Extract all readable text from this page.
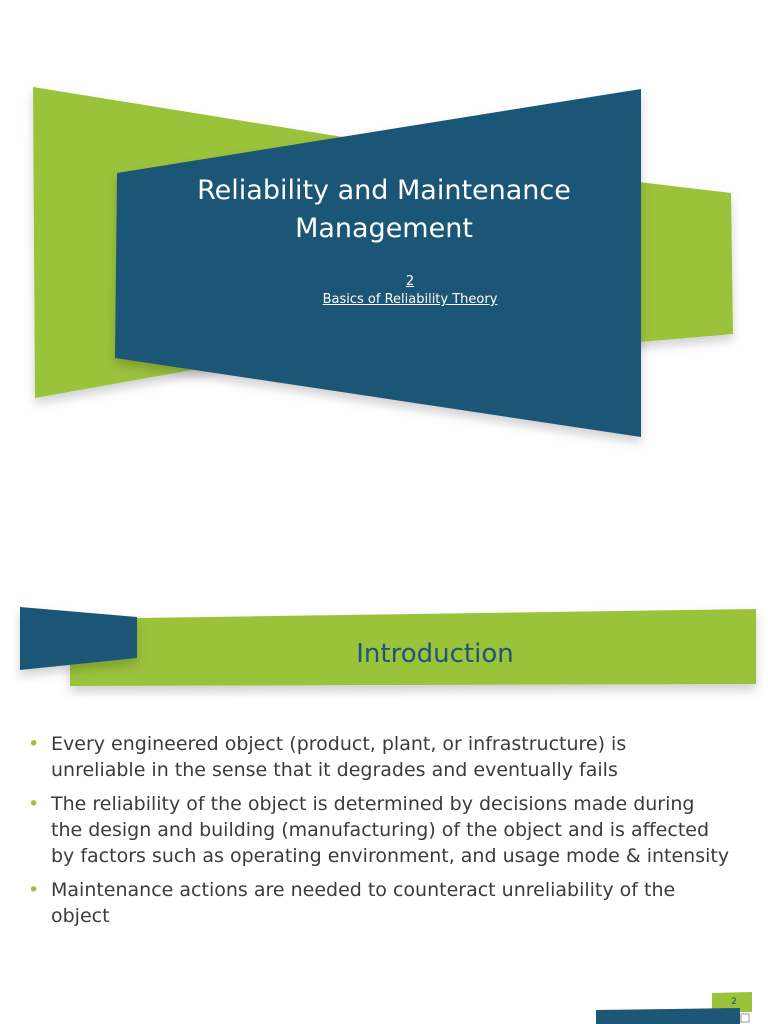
Reliability and Maintenance
Management
2
Basics of Reliability Theory
Introduction
• Every engineered object (product, plant, or infrastructure) is
unreliable in the sense that it degrades and eventually fails
• The reliability of the object is determined by decisions made during
the design and building (manufacturing) of the object and is affected
by factors such as operating environment, and usage mode & intensity
• Maintenance actions are needed to counteract unreliability of the
object
2
